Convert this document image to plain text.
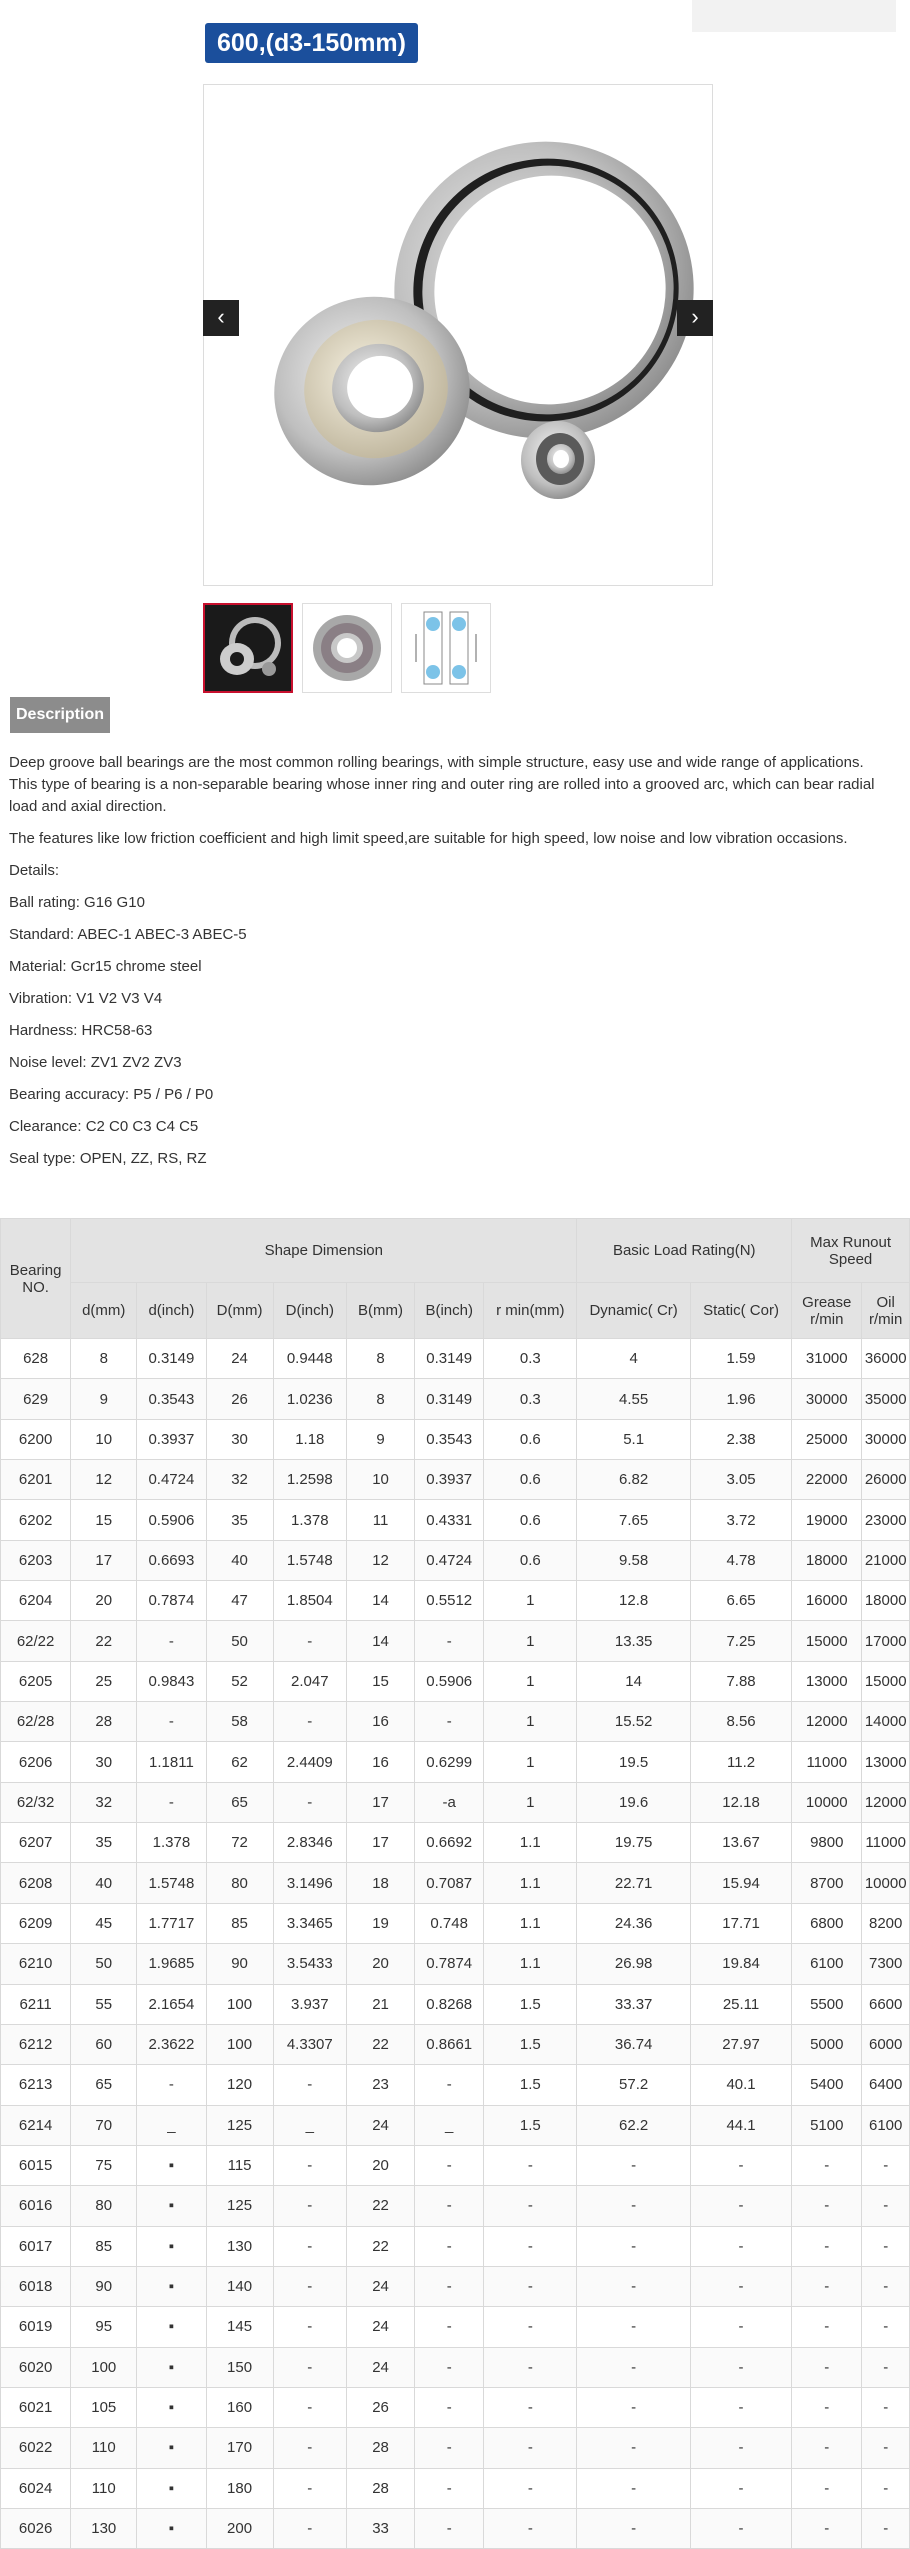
600,(d3-150mm)
‹	›
Description

Deep groove ball bearings are the most common rolling bearings, with simple structure, easy use and wide range of applications. This type of bearing is a non-separable bearing whose inner ring and outer ring are rolled into a grooved arc, which can bear radial load and axial direction.

The features like low friction coefficient and high limit speed,are suitable for high speed, low noise and low vibration occasions.

Details:
Ball rating: G16 G10
Standard: ABEC-1 ABEC-3 ABEC-5
Material: Gcr15 chrome steel
Vibration: V1 V2 V3 V4
Hardness: HRC58-63
Noise level: ZV1 ZV2 ZV3
Bearing accuracy: P5 / P6 / P0
Clearance: C2 C0 C3 C4 C5
Seal type: OPEN, ZZ, RS, RZ
Bearing NO.	Shape Dimension							Basic Load Rating(N)		Max Runout Speed	
	d(mm)	d(inch)	D(mm)	D(inch)	B(mm)	B(inch)	r min(mm)	Dynamic( Cr)	Static( Cor)	Grease r/min	Oil r/min
628	8	0.3149	24	0.9448	8	0.3149	0.3	4	1.59	31000	36000
629	9	0.3543	26	1.0236	8	0.3149	0.3	4.55	1.96	30000	35000
6200	10	0.3937	30	1.18	9	0.3543	0.6	5.1	2.38	25000	30000
6201	12	0.4724	32	1.2598	10	0.3937	0.6	6.82	3.05	22000	26000
6202	15	0.5906	35	1.378	11	0.4331	0.6	7.65	3.72	19000	23000
6203	17	0.6693	40	1.5748	12	0.4724	0.6	9.58	4.78	18000	21000
6204	20	0.7874	47	1.8504	14	0.5512	1	12.8	6.65	16000	18000
62/22	22	-	50	-	14	-	1	13.35	7.25	15000	17000
6205	25	0.9843	52	2.047	15	0.5906	1	14	7.88	13000	15000
62/28	28	-	58	-	16	-	1	15.52	8.56	12000	14000
6206	30	1.1811	62	2.4409	16	0.6299	1	19.5	11.2	11000	13000
62/32	32	-	65	-	17	-a	1	19.6	12.18	10000	12000
6207	35	1.378	72	2.8346	17	0.6692	1.1	19.75	13.67	9800	11000
6208	40	1.5748	80	3.1496	18	0.7087	1.1	22.71	15.94	8700	10000
6209	45	1.7717	85	3.3465	19	0.748	1.1	24.36	17.71	6800	8200
6210	50	1.9685	90	3.5433	20	0.7874	1.1	26.98	19.84	6100	7300
6211	55	2.1654	100	3.937	21	0.8268	1.5	33.37	25.11	5500	6600
6212	60	2.3622	100	4.3307	22	0.8661	1.5	36.74	27.97	5000	6000
6213	65	-	120	-	23	-	1.5	57.2	40.1	5400	6400
6214	70	_	125	_	24	_	1.5	62.2	44.1	5100	6100
6015	75	▪	115	-	20	-	-	-	-	-	-
6016	80	▪	125	-	22	-	-	-	-	-	-
6017	85	▪	130	-	22	-	-	-	-	-	-
6018	90	▪	140	-	24	-	-	-	-	-	-
6019	95	▪	145	-	24	-	-	-	-	-	-
6020	100	▪	150	-	24	-	-	-	-	-	-
6021	105	▪	160	-	26	-	-	-	-	-	-
6022	110	▪	170	-	28	-	-	-	-	-	-
6024	110	▪	180	-	28	-	-	-	-	-	-
6026	130	▪	200	-	33	-	-	-	-	-	-
